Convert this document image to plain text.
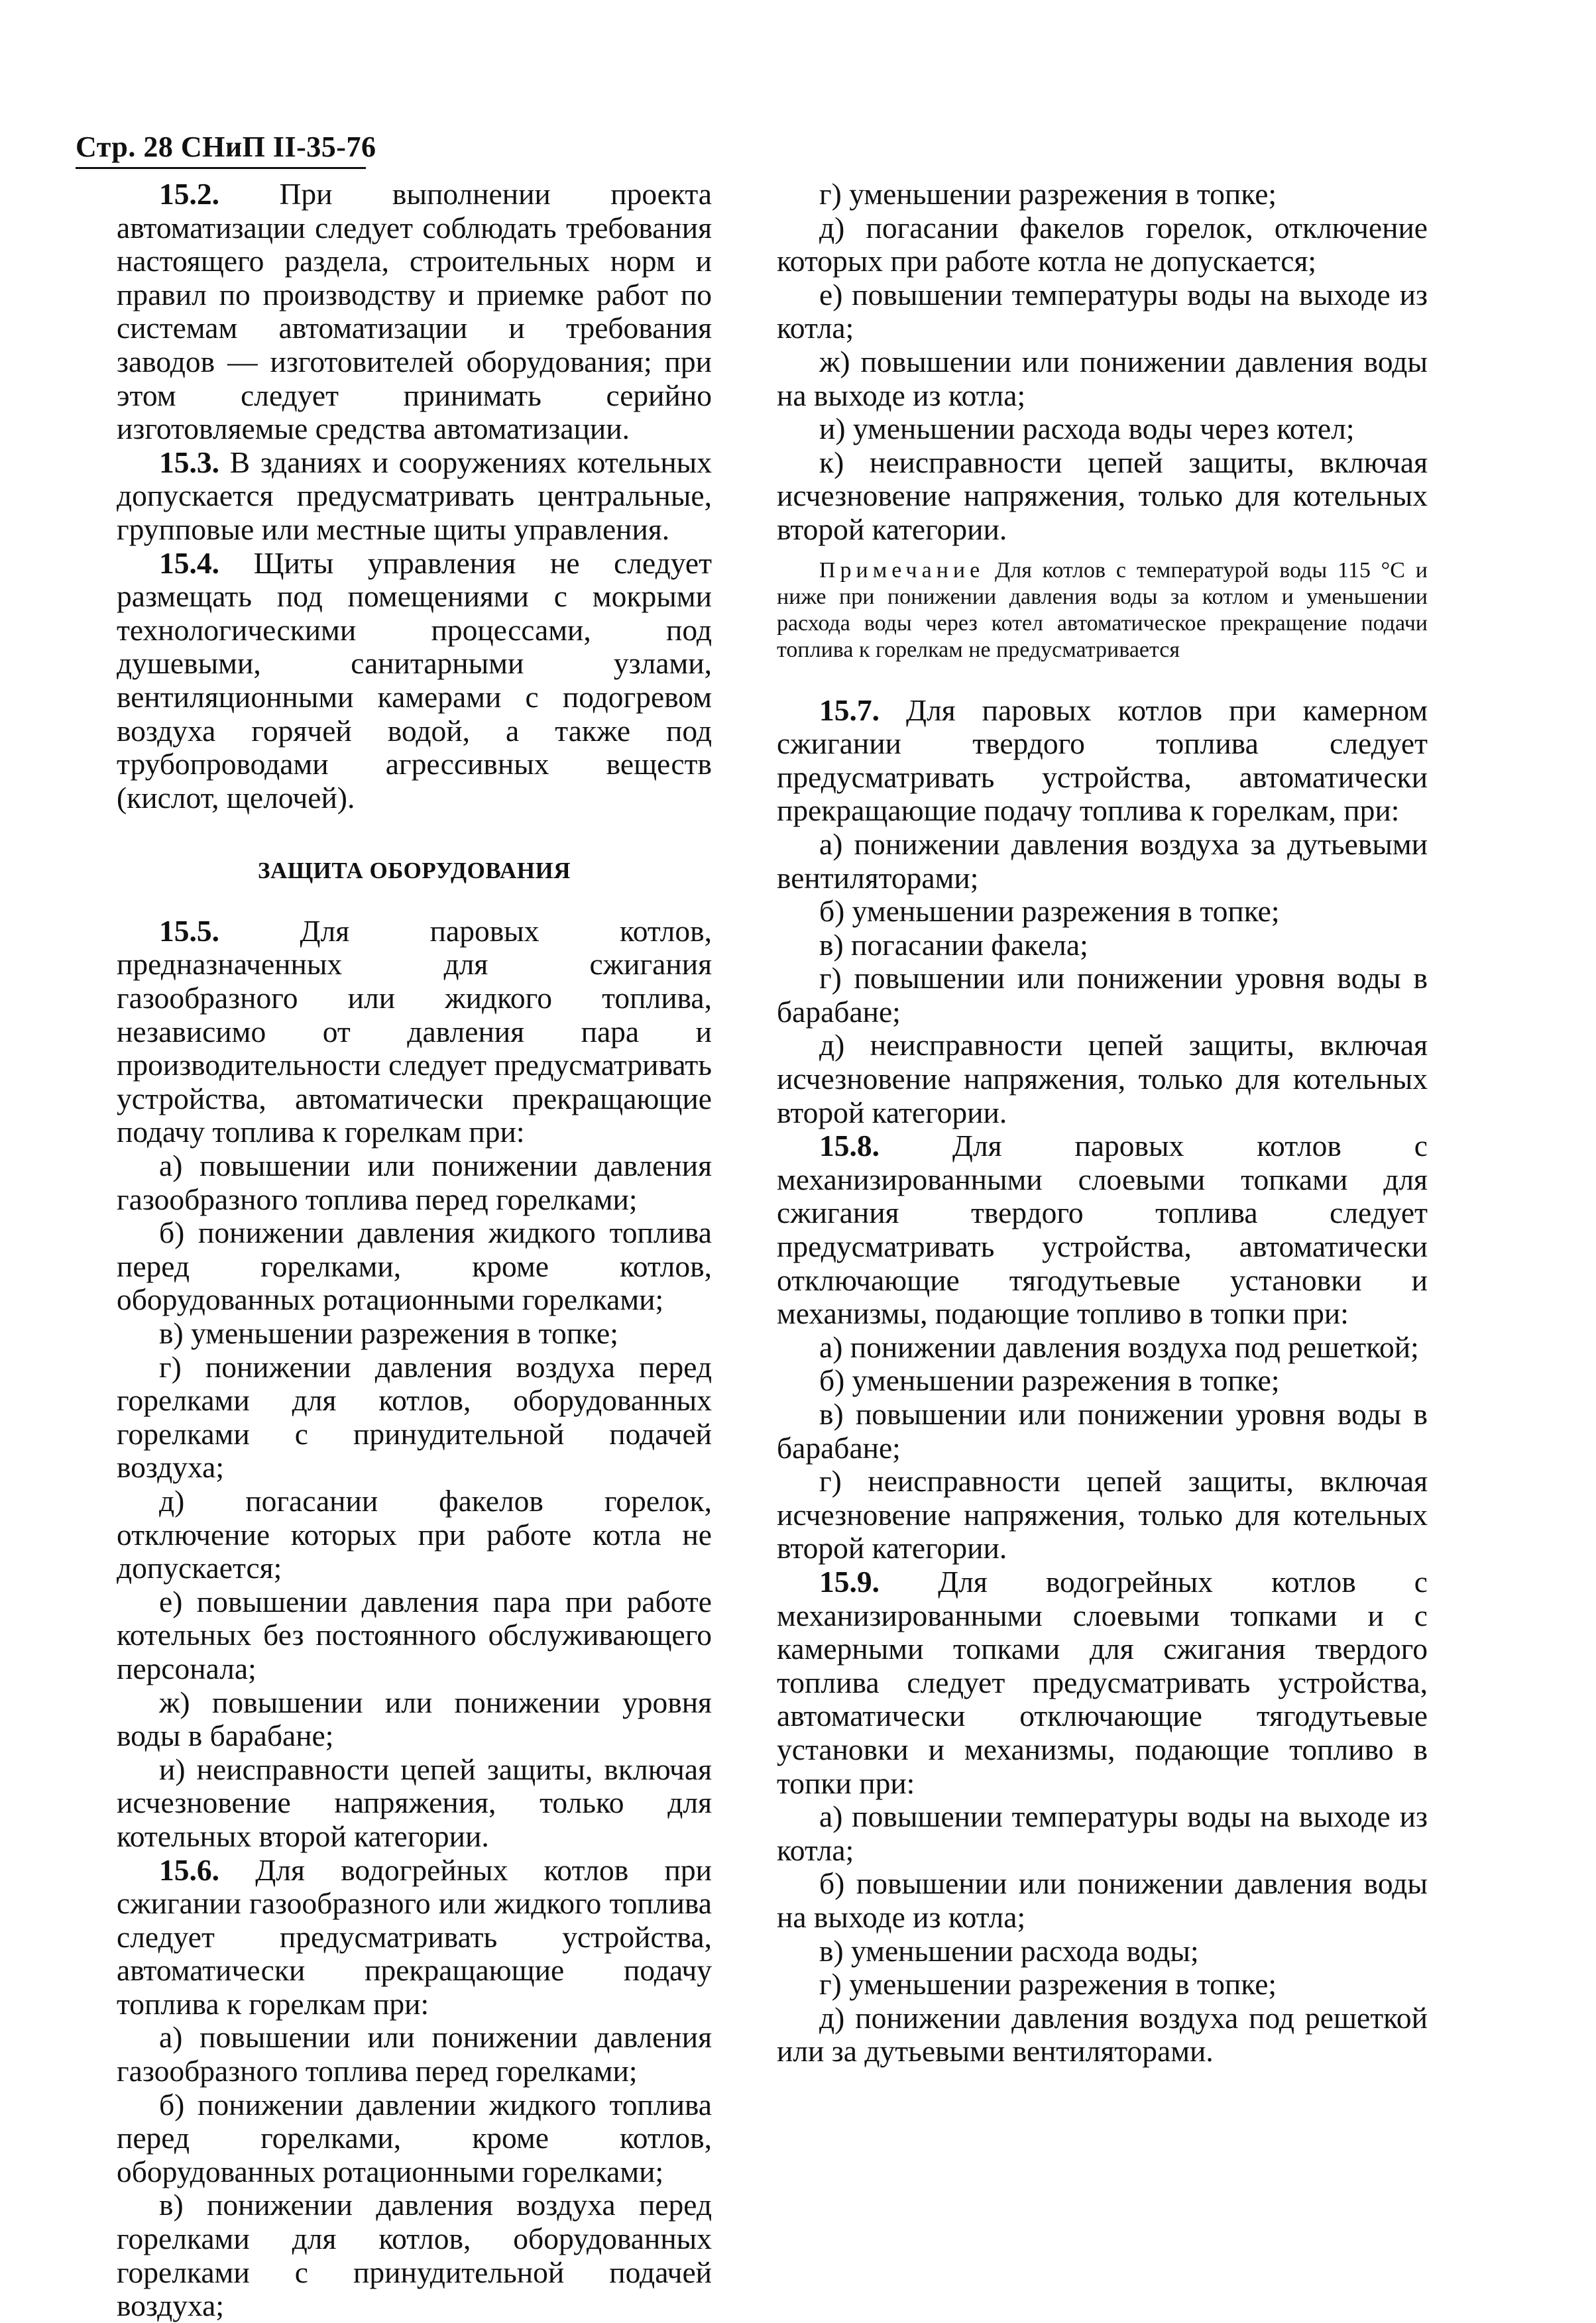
Стр. 28 СНиП II-35-76

15.2. При выполнении проекта автоматизации следует соблюдать требования настоящего раздела, строительных норм и правил по производству и приемке работ по системам автоматизации и требования заводов — изготовителей оборудования; при этом следует принимать серийно изготовляемые средства автоматизации.

15.3. В зданиях и сооружениях котельных допускается предусматривать центральные, групповые или местные щиты управления.

15.4. Щиты управления не следует размещать под помещениями с мокрыми технологическими процессами, под душевыми, санитарными узлами, вентиляционными камерами с подогревом воздуха горячей водой, а также под трубопроводами агрессивных веществ (кислот, щелочей).

ЗАЩИТА ОБОРУДОВАНИЯ

15.5. Для паровых котлов, предназначенных для сжигания газообразного или жидкого топлива, независимо от давления пара и производительности следует предусматривать устройства, автоматически прекращающие подачу топлива к горелкам при:

а) повышении или понижении давления газообразного топлива перед горелками;

б) понижении давления жидкого топлива перед горелками, кроме котлов, оборудованных ротационными горелками;

в) уменьшении разрежения в топке;

г) понижении давления воздуха перед горелками для котлов, оборудованных горелками с принудительной подачей воздуха;

д) погасании факелов горелок, отключение которых при работе котла не допускается;

е) повышении давления пара при работе котельных без постоянного обслуживающего персонала;

ж) повышении или понижении уровня воды в барабане;

и) неисправности цепей защиты, включая исчезновение напряжения, только для котельных второй категории.

15.6. Для водогрейных котлов при сжигании газообразного или жидкого топлива следует предусматривать устройства, автоматически прекращающие подачу топлива к горелкам при:

а) повышении или понижении давления газообразного топлива перед горелками;

б) понижении давлении жидкого топлива перед горелками, кроме котлов, оборудованных ротационными горелками;

в) понижении давления воздуха перед горелками для котлов, оборудованных горелками с принудительной подачей воздуха;

г) уменьшении разрежения в топке;

д) погасании факелов горелок, отключение которых при работе котла не допускается;

е) повышении температуры воды на выходе из котла;

ж) повышении или понижении давления воды на выходе из котла;

и) уменьшении расхода воды через котел;

к) неисправности цепей защиты, включая исчезновение напряжения, только для котельных второй категории.

Примечание Для котлов с температурой воды 115 °С и ниже при понижении давления воды за котлом и уменьшении расхода воды через котел автоматическое прекращение подачи топлива к горелкам не предусматривается

15.7. Для паровых котлов при камерном сжигании твердого топлива следует предусматривать устройства, автоматически прекращающие подачу топлива к горелкам, при:

а) понижении давления воздуха за дутьевыми вентиляторами;

б) уменьшении разрежения в топке;

в) погасании факела;

г) повышении или понижении уровня воды в барабане;

д) неисправности цепей защиты, включая исчезновение напряжения, только для котельных второй категории.

15.8. Для паровых котлов с механизированными слоевыми топками для сжигания твердого топлива следует предусматривать устройства, автоматически отключающие тягодутьевые установки и механизмы, подающие топливо в топки при:

а) понижении давления воздуха под решеткой;

б) уменьшении разрежения в топке;

в) повышении или понижении уровня воды в барабане;

г) неисправности цепей защиты, включая исчезновение напряжения, только для котельных второй категории.

15.9. Для водогрейных котлов с механизированными слоевыми топками и с камерными топками для сжигания твердого топлива следует предусматривать устройства, автоматически отключающие тягодутьевые установки и механизмы, подающие топливо в топки при:

а) повышении температуры воды на выходе из котла;

б) повышении или понижении давления воды на выходе из котла;

в) уменьшении расхода воды;

г) уменьшении разрежения в топке;

д) понижении давления воздуха под решеткой или за дутьевыми вентиляторами.
